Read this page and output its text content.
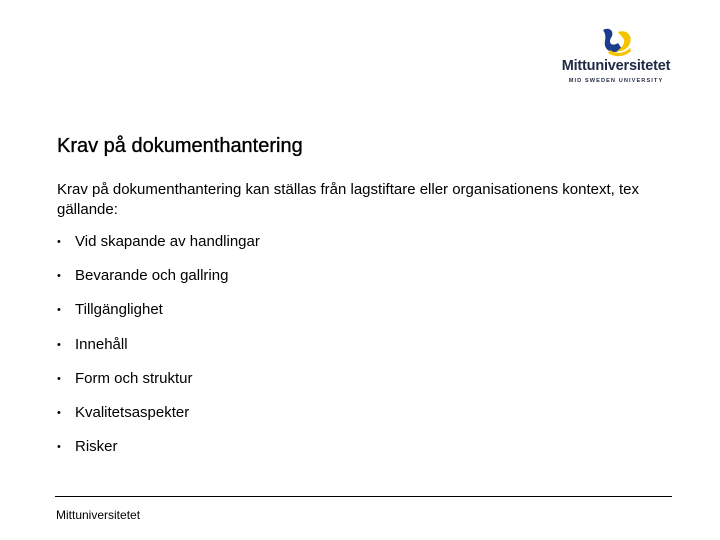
Mittuniversitetet
MID SWEDEN UNIVERSITY
Krav på dokumenthantering

Krav på dokumenthantering kan ställas från lagstiftare eller organisationens kontext, tex gällande:

• Vid skapande av handlingar
• Bevarande och gallring
• Tillgänglighet
• Innehåll
• Form och struktur
• Kvalitetsaspekter
• Risker
Mittuniversitetet
